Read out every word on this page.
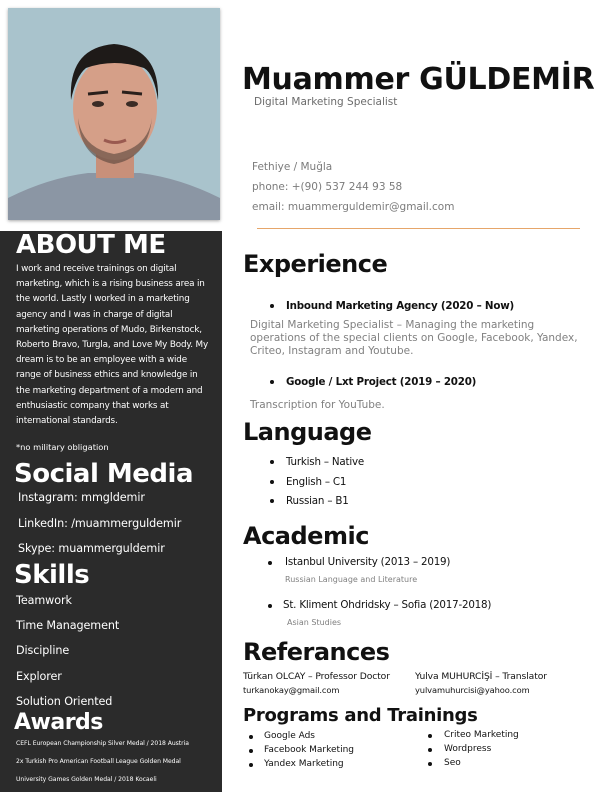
ABOUT ME
I work and receive trainings on digital marketing, which is a rising business area in the world. Lastly I worked in a marketing agency and I was in charge of digital marketing operations of Mudo, Birkenstock, Roberto Bravo, Turgla, and Love My Body. My dream is to be an employee with a wide range of business ethics and knowledge in the marketing department of a modern and enthusiastic company that works at international standards.
*no military obligation
Social Media
Instagram: mmgldemir
LinkedIn: /muammerguldemir
Skype: muammerguldemir
Skills
Teamwork
Time Management
Discipline
Explorer
Solution Oriented
Awards
CEFL European Championship Silver Medal / 2018 Austria
2x Turkish Pro American Football League Golden Medal
University Games Golden Medal / 2018 Kocaeli
Muammer GÜLDEMİR
Digital Marketing Specialist
Fethiye / Muğla
phone: +(90) 537 244 93 58
email: muammerguldemir@gmail.com
Experience
Inbound Marketing Agency (2020 – Now)
Digital Marketing Specialist – Managing the marketing operations of the special clients on Google, Facebook, Yandex, Criteo, Instagram and Youtube.
Google / Lxt Project (2019 – 2020)
Transcription for YouTube.
Language
Turkish – Native
English – C1
Russian – B1
Academic
Istanbul University (2013 – 2019)
Russian Language and Literature
St. Kliment Ohdridsky – Sofia (2017-2018)
Asian Studies
Referances
Türkan OLCAY – Professor Doctor
turkanokay@gmail.com
Yulva MUHURCİŞİ – Translator
yulvamuhurcisi@yahoo.com
Programs and Trainings
Google Ads
Facebook Marketing
Yandex Marketing
Criteo Marketing
Wordpress
Seo
